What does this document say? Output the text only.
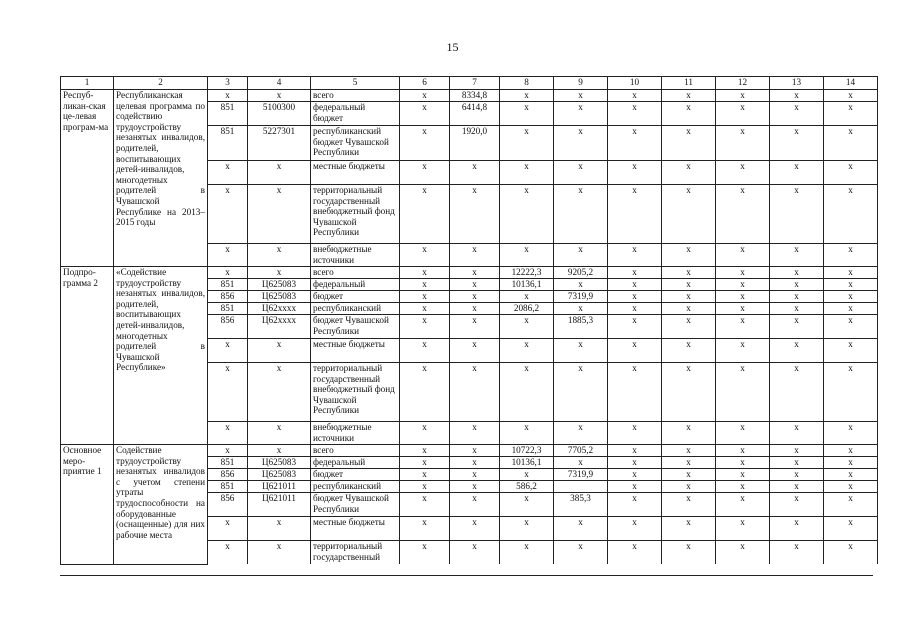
15
1	2	3	4	5	6	7	8	9	10	11	12	13	14
Респуб-ликан-ская це-левая програм-ма	Республиканская целевая программа по содействию трудоустройству незанятых инвалидов, родителей, воспитывающих детей-инвалидов, многодетных родителей в Чувашской Республике на 2013–2015 годы	x	x	всего	x	8334,8	x	x	x	x	x	x	x
		851	5100300	федеральный бюджет	x	6414,8	x	x	x	x	x	x	x
		851	5227301	республиканский бюджет Чувашской Республики	x	1920,0	x	x	x	x	x	x	x
		x	x	местные бюджеты	x	x	x	x	x	x	x	x	x
		x	x	территориальный государственный внебюджетный фонд Чувашской Республики	x	x	x	x	x	x	x	x	x
		x	x	внебюджетные источники	x	x	x	x	x	x	x	x	x
Подпро-грамма 2	«Содействие трудоустройству незанятых инвалидов, родителей, воспитывающих детей-инвалидов, многодетных родителей в Чувашской Республике»	x	x	всего	x	x	12222,3	9205,2	x	x	x	x	x
		851	Ц625083	федеральный	x	x	10136,1	x	x	x	x	x	x
		856	Ц625083	бюджет	x	x	x	7319,9	x	x	x	x	x
		851	Ц62хххх	республиканский	x	x	2086,2	x	x	x	x	x	x
		856	Ц62хххх	бюджет Чувашской Республики	x	x	x	1885,3	x	x	x	x	x
		x	x	местные бюджеты	x	x	x	x	x	x	x	x	x
		x	x	территориальный государственный внебюджетный фонд Чувашской Республики	x	x	x	x	x	x	x	x	x
		x	x	внебюджетные источники	x	x	x	x	x	x	x	x	x
Основное меро-приятие 1	Содействие трудоустройству незанятых инвалидов с учетом степени утраты трудоспособности на оборудованные (оснащенные) для них рабочие места	x	x	всего	x	x	10722,3	7705,2	x	x	x	x	x
		851	Ц625083	федеральный	x	x	10136,1	x	x	x	x	x	x
		856	Ц625083	бюджет	x	x	x	7319,9	x	x	x	x	x
		851	Ц621011	республиканский	x	x	586,2		x	x	x	x	x
		856	Ц621011	бюджет Чувашской Республики	x	x	x	385,3	x	x	x	x	x
		x	x	местные бюджеты	x	x	x	x	x	x	x	x	x
		x	x	территориальный государственный	x	x	x	x	x	x	x	x	x
